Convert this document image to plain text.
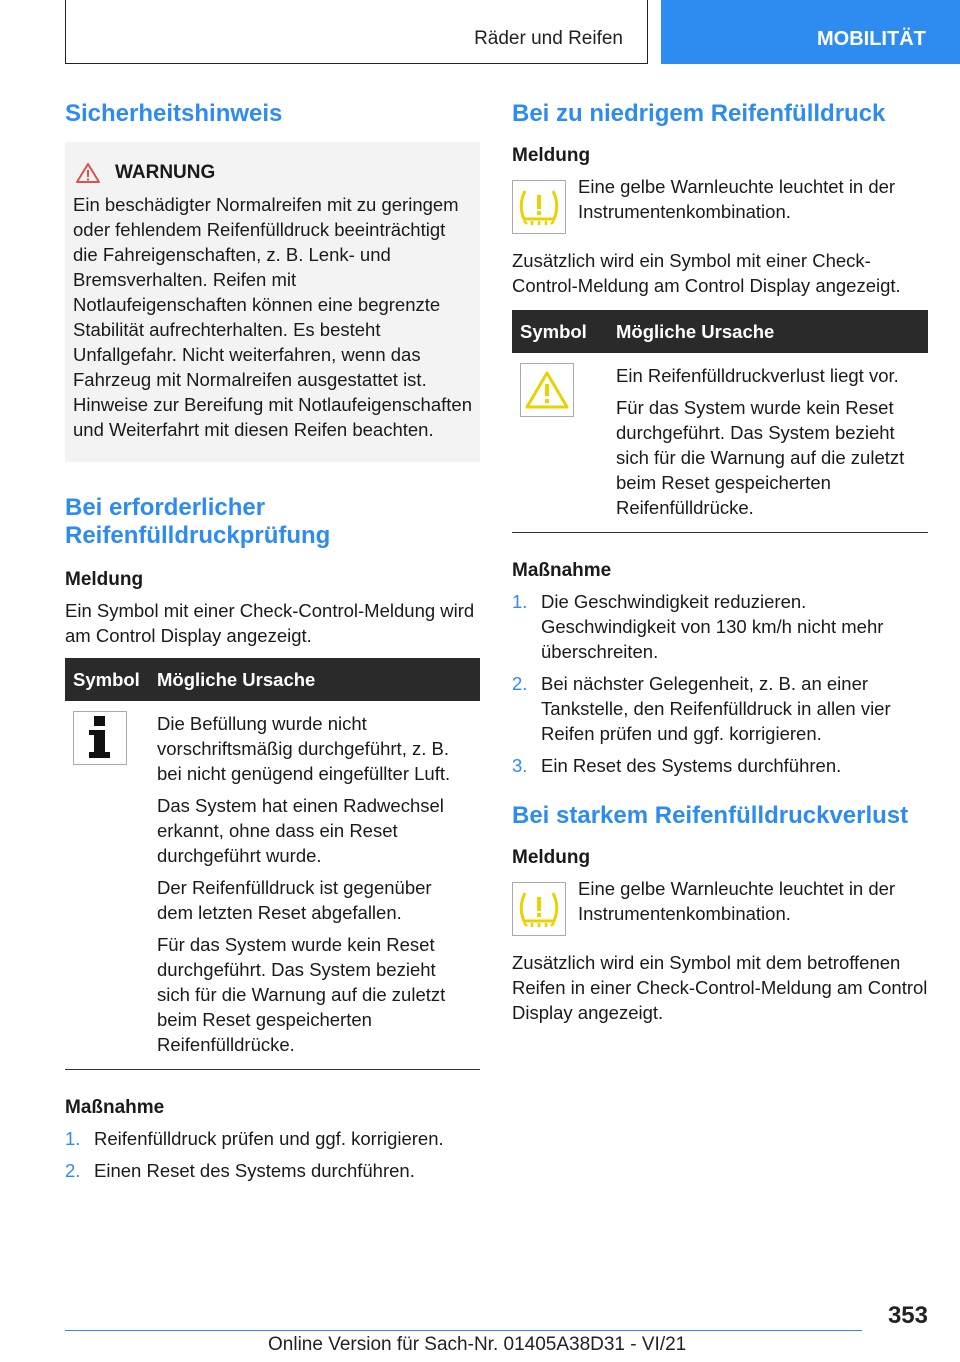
Räder und Reifen	MOBILITÄT
Sicherheitshinweis
WARNUNG

Ein beschädigter Normalreifen mit zu geringem oder fehlendem Reifenfülldruck beeinträchtigt die Fahreigenschaften, z. B. Lenk- und Bremsverhalten. Reifen mit Notlaufeigenschaften können eine begrenzte Stabilität aufrechterhalten. Es besteht Unfallgefahr. Nicht weiterfahren, wenn das Fahrzeug mit Normalreifen ausgestattet ist. Hinweise zur Bereifung mit Notlaufeigenschaften und Weiterfahrt mit diesen Reifen beachten.

Bei erforderlicher Reifenfülldruckprüfung
Meldung

Ein Symbol mit einer Check-Control-Meldung wird am Control Display angezeigt.

Symbol	Mögliche Ursache

Die Befüllung wurde nicht vorschriftsmäßig durchgeführt, z. B. bei nicht genügend eingefüllter Luft.

Das System hat einen Radwechsel erkannt, ohne dass ein Reset durchgeführt wurde.

Der Reifenfülldruck ist gegenüber dem letzten Reset abgefallen.

Für das System wurde kein Reset durchgeführt. Das System bezieht sich für die Warnung auf die zuletzt beim Reset gespeicherten Reifenfülldrücke.

Maßnahme
1. Reifenfülldruck prüfen und ggf. korrigieren.
2. Einen Reset des Systems durchführen.
Bei zu niedrigem Reifenfülldruck
Meldung

Eine gelbe Warnleuchte leuchtet in der Instrumentenkombination.

Zusätzlich wird ein Symbol mit einer Check-Control-Meldung am Control Display angezeigt.

Symbol	Mögliche Ursache

Ein Reifenfülldruckverlust liegt vor.

Für das System wurde kein Reset durchgeführt. Das System bezieht sich für die Warnung auf die zuletzt beim Reset gespeicherten Reifenfülldrücke.

Maßnahme
1. Die Geschwindigkeit reduzieren. Geschwindigkeit von 130 km/h nicht mehr überschreiten.
2. Bei nächster Gelegenheit, z. B. an einer Tankstelle, den Reifenfülldruck in allen vier Reifen prüfen und ggf. korrigieren.
3. Ein Reset des Systems durchführen.
Bei starkem Reifenfülldruckverlust
Meldung

Eine gelbe Warnleuchte leuchtet in der Instrumentenkombination.

Zusätzlich wird ein Symbol mit dem betroffenen Reifen in einer Check-Control-Meldung am Control Display angezeigt.

353
Online Version für Sach-Nr. 01405A38D31 - VI/21
